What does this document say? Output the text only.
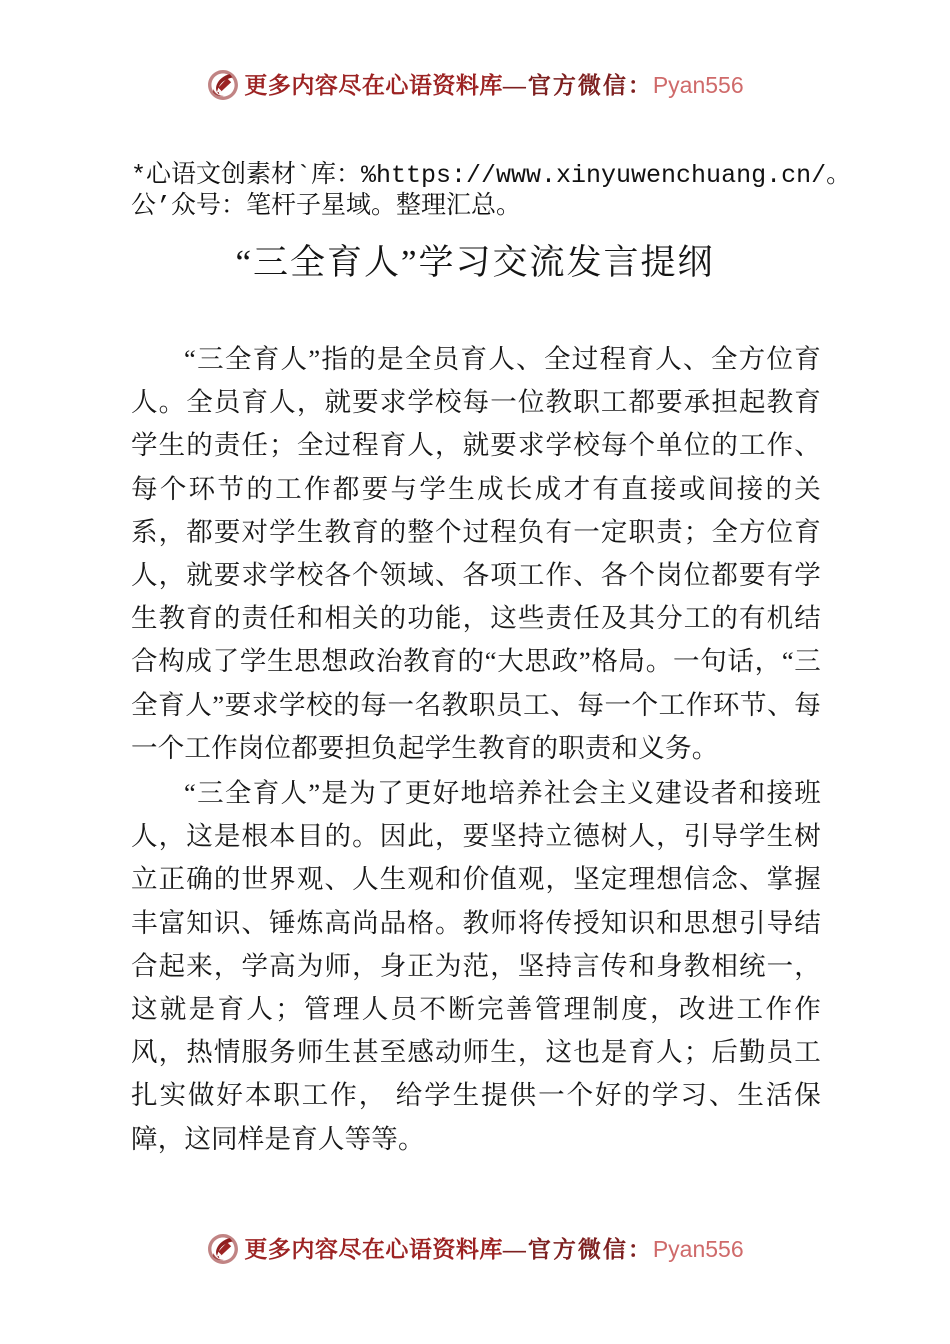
更多内容尽在心语资料库—官方微信：Pyan556
*心语文创素材`库：%https://www.xinyuwenchuang.cn/。
公’众号：笔杆子星域。整理汇总。
“三全育人”学习交流发言提纲

“三全育人”指的是全员育人、全过程育人、全方位育人。全员育人，就要求学校每一位教职工都要承担起教育学生的责任；全过程育人，就要求学校每个单位的工作、每个环节的工作都要与学生成长成才有直接或间接的关系，都要对学生教育的整个过程负有一定职责；全方位育人，就要求学校各个领域、各项工作、各个岗位都要有学生教育的责任和相关的功能，这些责任及其分工的有机结合构成了学生思想政治教育的“大思政”格局。一句话，“三全育人”要求学校的每一名教职员工、每一个工作环节、每一个工作岗位都要担负起学生教育的职责和义务。

“三全育人”是为了更好地培养社会主义建设者和接班人，这是根本目的。因此，要坚持立德树人，引导学生树立正确的世界观、人生观和价值观，坚定理想信念、掌握丰富知识、锤炼高尚品格。教师将传授知识和思想引导结合起来，学高为师，身正为范，坚持言传和身教相统一，这就是育人；管理人员不断完善管理制度，改进工作作风，热情服务师生甚至感动师生，这也是育人；后勤员工扎实做好本职工作， 给学生提供一个好的学习、生活保障，这同样是育人等等。

更多内容尽在心语资料库—官方微信：Pyan556
